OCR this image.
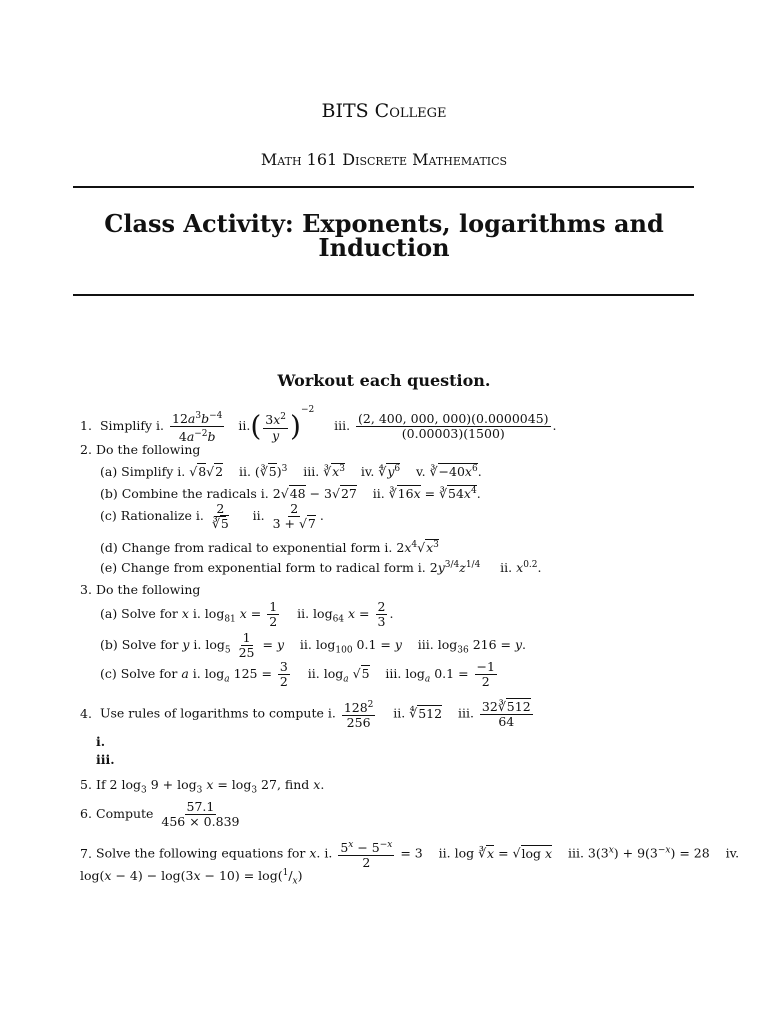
BITS College
Math 161 Discrete Mathematics
Class Activity: Exponents, logarithms and
Induction
Workout each question.
1. Simplify i. $\frac{12a^3b^{-4}}{4a^{-2}b} ii.( \frac{3x^2}{y} )^{-2}$     iii. $\frac{(2, 400, 000, 000)(0.0000045)}{(0.00003)(1500)}$ .
2. Do the following
(a) Simplify i. √8√2    ii. (∛5)$^3$    iii. $∛x^3$    iv. $∜y^6$    v. $∛-40x^6$.
(b) Combine the radicals i. 2√48 − 3√27    ii. ∛16x = $∛54x^4$.
(c) Rationalize i. $\frac{2}{∛5}$ ii. $\frac{2}{3 + √7}$ .
(d) Change from radical to exponential form i. $2x^4√x^3$
(e) Change from exponential form to radical form i. $2y^{3/4}z^{1/4}$     ii. $x^{0.2}$.
3. Do the following
(a) Solve for x i. $\log_{81} x = \frac{1}{2}$ ii. $\log_{64} x = \frac{2}{3}$ .
(b) Solve for y i. $\log_5 \frac{1}{25} = y$    ii. $\log_{100} 0.1 = y$    iii. $\log_{36} 216 = y$.
(c) Solve for a i. $\log_a 125 = \frac{3}{2}$ ii. $\log_a √5$    iii. $\log_a 0.1 = \frac{-1}{2}$
4. Use rules of logarithms to compute i. $\frac{128^2}{256}$ ii. ∜512    iii. $\frac{32∛512}{64}$
i.
iii.
5. If 2 $\log_3 9 + \log_3 x = \log_3 27$, find x.
6. Compute $\frac{57.1}{456 \times 0.839}$
7. Solve the following equations for x. i. $\frac{5^x - 5^{-x}}{2} = 3$    ii. log ∛x = √log x    iii. $3(3^x) + 9(3^{-x}) = 28$    iv.
$\log(x - 4) - \log(3x - 10) = \log(^1/_x)$
